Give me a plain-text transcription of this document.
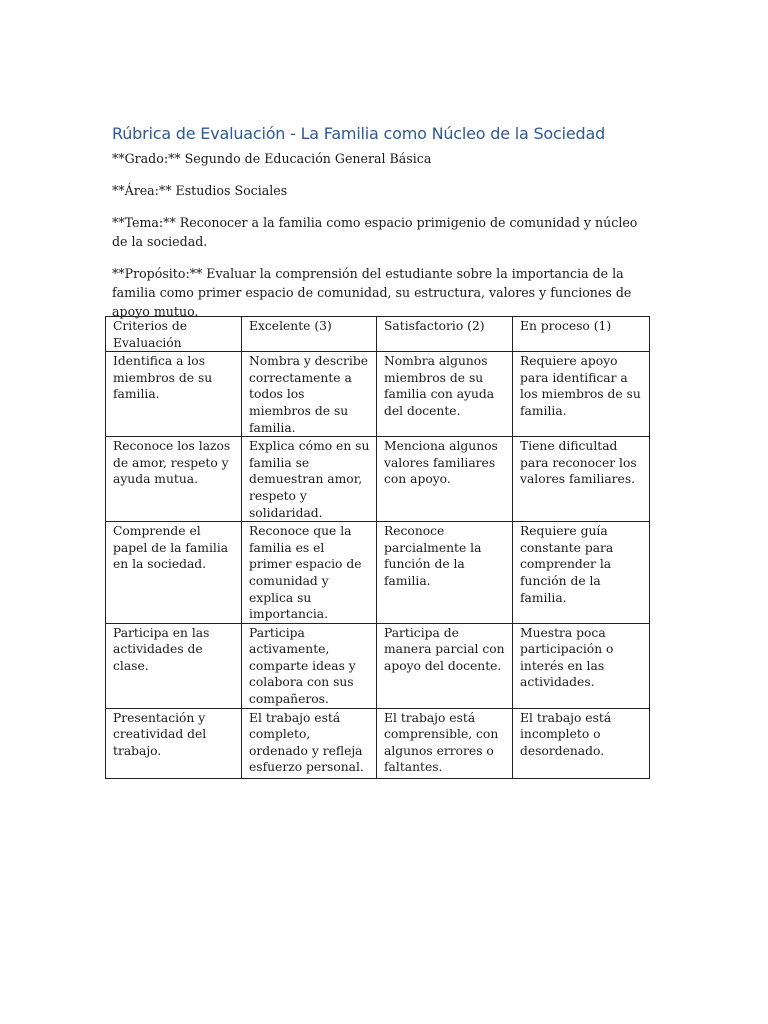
Rúbrica de Evaluación - La Familia como Núcleo de la Sociedad
**Grado:** Segundo de Educación General Básica
**Área:** Estudios Sociales
**Tema:** Reconocer a la familia como espacio primigenio de comunidad y núcleo de la sociedad.
**Propósito:** Evaluar la comprensión del estudiante sobre la importancia de la familia como primer espacio de comunidad, su estructura, valores y funciones de apoyo mutuo.
Criterios de Evaluación	Excelente (3)	Satisfactorio (2)	En proceso (1)
Identifica a los miembros de su familia.	Nombra y describe correctamente a todos los miembros de su familia.	Nombra algunos miembros de su familia con ayuda del docente.	Requiere apoyo para identificar a los miembros de su familia.
Reconoce los lazos de amor, respeto y ayuda mutua.	Explica cómo en su familia se demuestran amor, respeto y solidaridad.	Menciona algunos valores familiares con apoyo.	Tiene dificultad para reconocer los valores familiares.
Comprende el papel de la familia en la sociedad.	Reconoce que la familia es el primer espacio de comunidad y explica su importancia.	Reconoce parcialmente la función de la familia.	Requiere guía constante para comprender la función de la familia.
Participa en las actividades de clase.	Participa activamente, comparte ideas y colabora con sus compañeros.	Participa de manera parcial con apoyo del docente.	Muestra poca participación o interés en las actividades.
Presentación y creatividad del trabajo.	El trabajo está completo, ordenado y refleja esfuerzo personal.	El trabajo está comprensible, con algunos errores o faltantes.	El trabajo está incompleto o desordenado.
